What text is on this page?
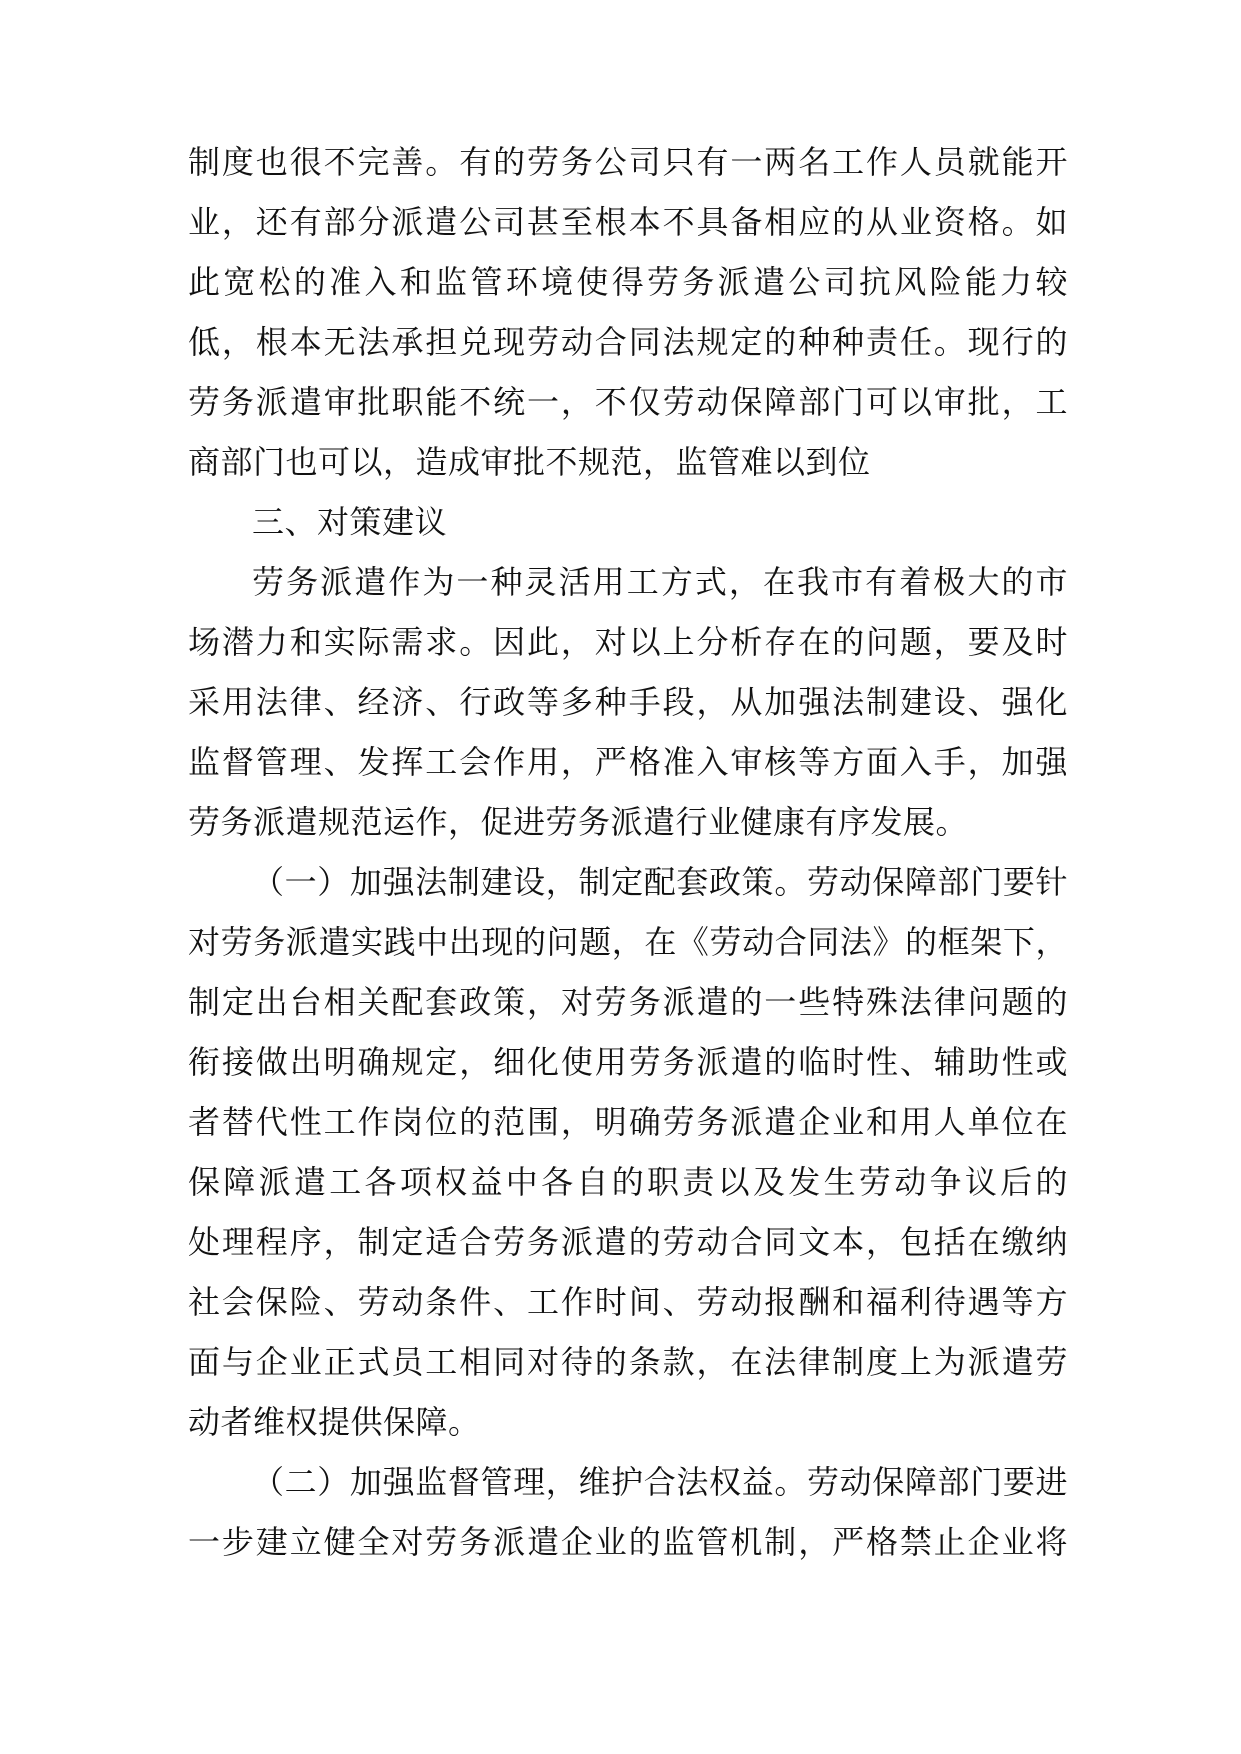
制度也很不完善。有的劳务公司只有一两名工作人员就能开
业，还有部分派遣公司甚至根本不具备相应的从业资格。如
此宽松的准入和监管环境使得劳务派遣公司抗风险能力较
低，根本无法承担兑现劳动合同法规定的种种责任。现行的
劳务派遣审批职能不统一，不仅劳动保障部门可以审批，工
商部门也可以，造成审批不规范，监管难以到位
三、对策建议
劳务派遣作为一种灵活用工方式，在我市有着极大的市
场潜力和实际需求。因此，对以上分析存在的问题，要及时
采用法律、经济、行政等多种手段，从加强法制建设、强化
监督管理、发挥工会作用，严格准入审核等方面入手，加强
劳务派遣规范运作，促进劳务派遣行业健康有序发展。
（一）加强法制建设，制定配套政策。劳动保障部门要针
对劳务派遣实践中出现的问题，在《劳动合同法》的框架下，
制定出台相关配套政策，对劳务派遣的一些特殊法律问题的
衔接做出明确规定，细化使用劳务派遣的临时性、辅助性或
者替代性工作岗位的范围，明确劳务派遣企业和用人单位在
保障派遣工各项权益中各自的职责以及发生劳动争议后的
处理程序，制定适合劳务派遣的劳动合同文本，包括在缴纳
社会保险、劳动条件、工作时间、劳动报酬和福利待遇等方
面与企业正式员工相同对待的条款，在法律制度上为派遣劳
动者维权提供保障。
（二）加强监督管理，维护合法权益。劳动保障部门要进
一步建立健全对劳务派遣企业的监管机制，严格禁止企业将
